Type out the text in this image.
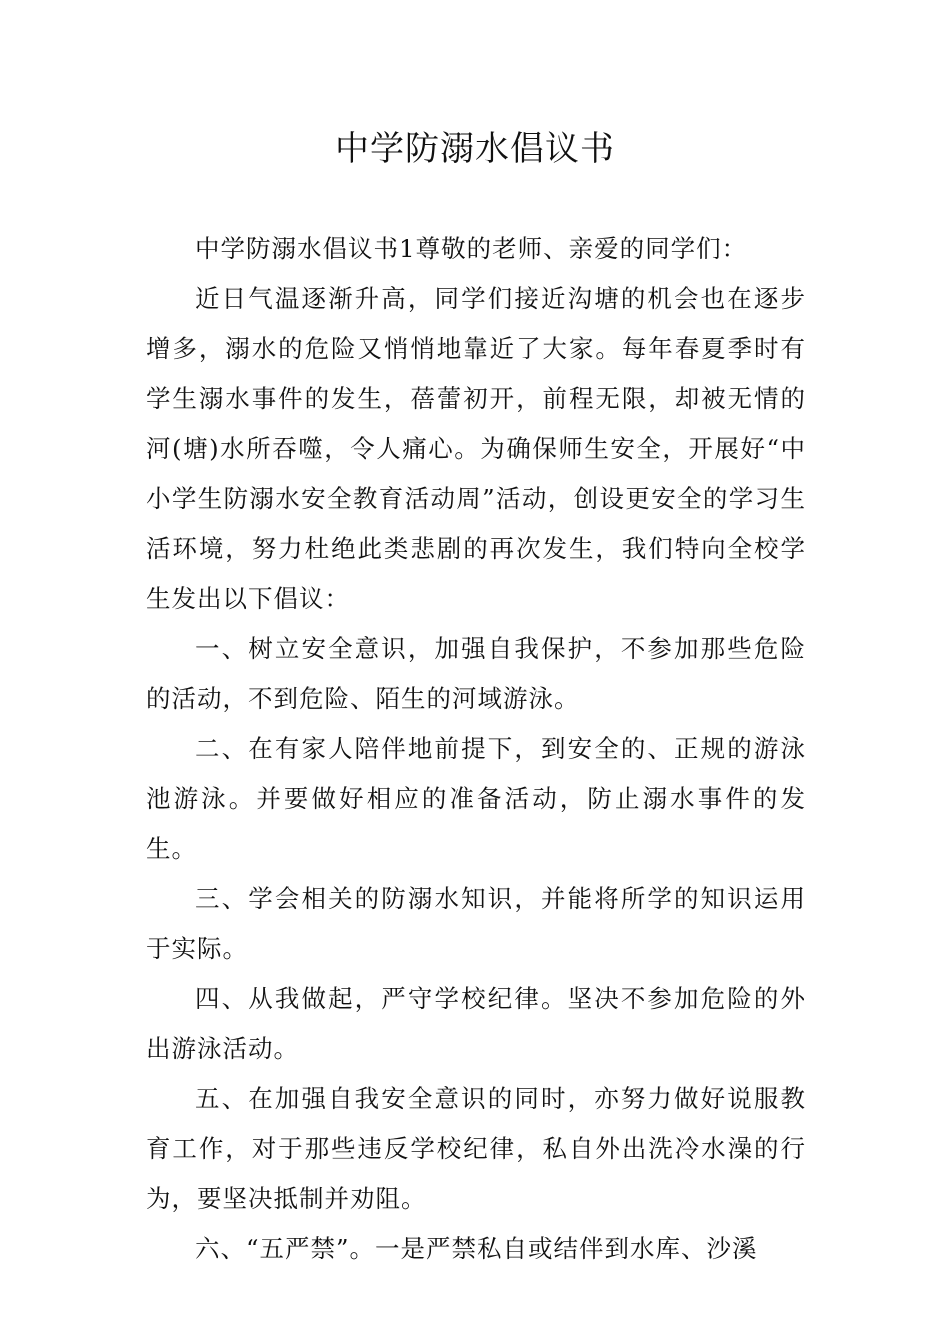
中学防溺水倡议书

中学防溺水倡议书1尊敬的老师、亲爱的同学们：

近日气温逐渐升高，同学们接近沟塘的机会也在逐步增多，溺水的危险又悄悄地靠近了大家。每年春夏季时有学生溺水事件的发生，蓓蕾初开，前程无限，却被无情的河(塘)水所吞噬，令人痛心。为确保师生安全，开展好“中小学生防溺水安全教育活动周”活动，创设更安全的学习生活环境，努力杜绝此类悲剧的再次发生，我们特向全校学生发出以下倡议：

一、树立安全意识，加强自我保护，不参加那些危险的活动，不到危险、陌生的河域游泳。

二、在有家人陪伴地前提下，到安全的、正规的游泳池游泳。并要做好相应的准备活动，防止溺水事件的发生。

三、学会相关的防溺水知识，并能将所学的知识运用于实际。

四、从我做起，严守学校纪律。坚决不参加危险的外出游泳活动。

五、在加强自我安全意识的同时，亦努力做好说服教育工作，对于那些违反学校纪律，私自外出洗冷水澡的行为，要坚决抵制并劝阻。

六、“五严禁”。一是严禁私自或结伴到水库、沙溪
